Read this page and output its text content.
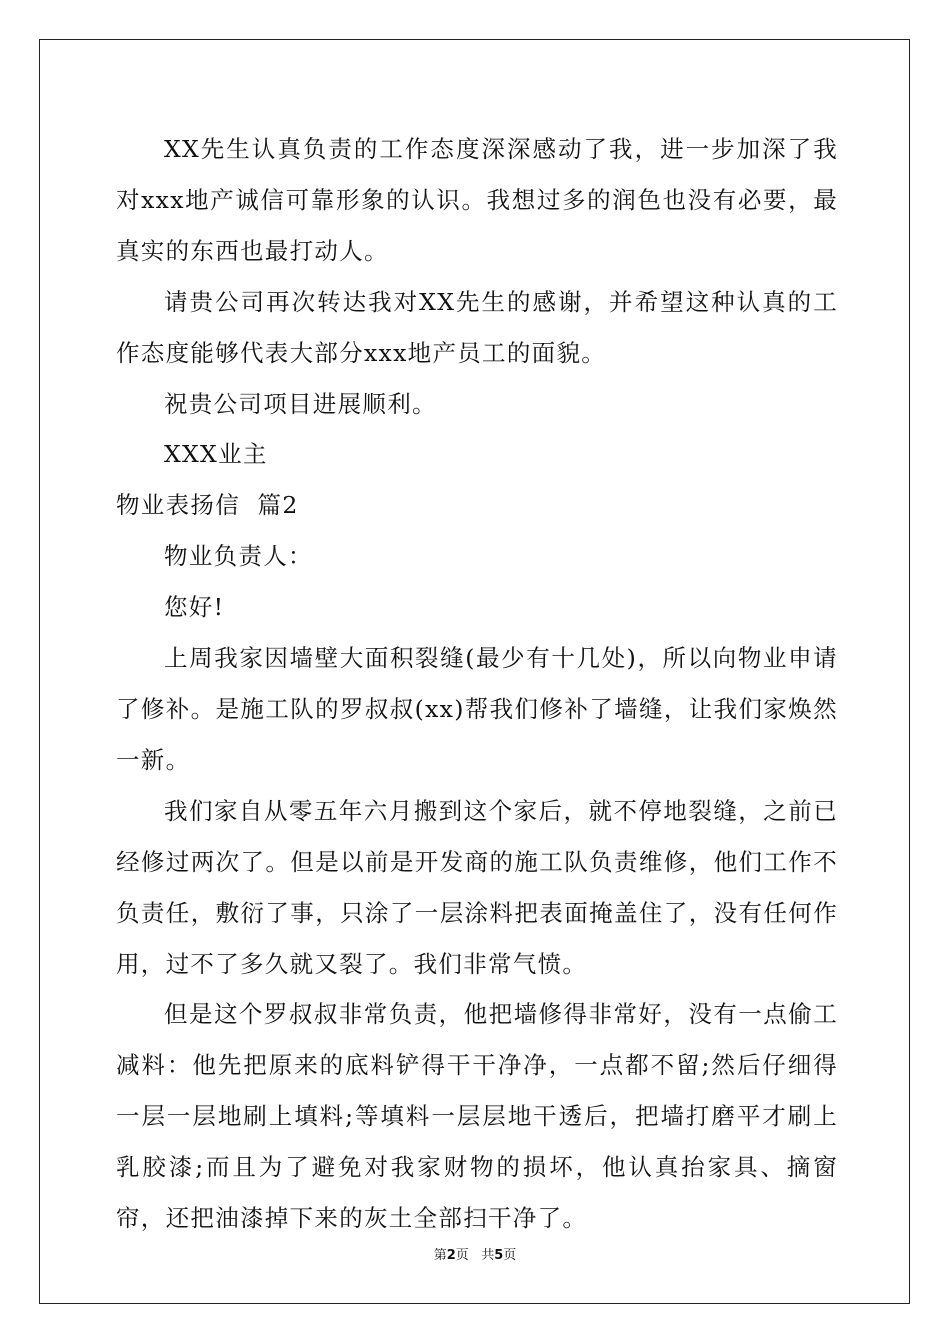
XX先生认真负责的工作态度深深感动了我，进一步加深了我对xxx地产诚信可靠形象的认识。我想过多的润色也没有必要，最真实的东西也最打动人。

请贵公司再次转达我对XX先生的感谢，并希望这种认真的工作态度能够代表大部分xxx地产员工的面貌。

祝贵公司项目进展顺利。

XXX业主

物业表扬信  篇2

物业负责人：

您好!

上周我家因墙壁大面积裂缝(最少有十几处)，所以向物业申请了修补。是施工队的罗叔叔(xx)帮我们修补了墙缝，让我们家焕然一新。

我们家自从零五年六月搬到这个家后，就不停地裂缝，之前已经修过两次了。但是以前是开发商的施工队负责维修，他们工作不负责任，敷衍了事，只涂了一层涂料把表面掩盖住了，没有任何作用，过不了多久就又裂了。我们非常气愤。

但是这个罗叔叔非常负责，他把墙修得非常好，没有一点偷工减料：他先把原来的底料铲得干干净净，一点都不留;然后仔细得一层一层地刷上填料;等填料一层层地干透后，把墙打磨平才刷上乳胶漆;而且为了避免对我家财物的损坏，他认真抬家具、摘窗帘，还把油漆掉下来的灰土全部扫干净了。

第2页   共5页
